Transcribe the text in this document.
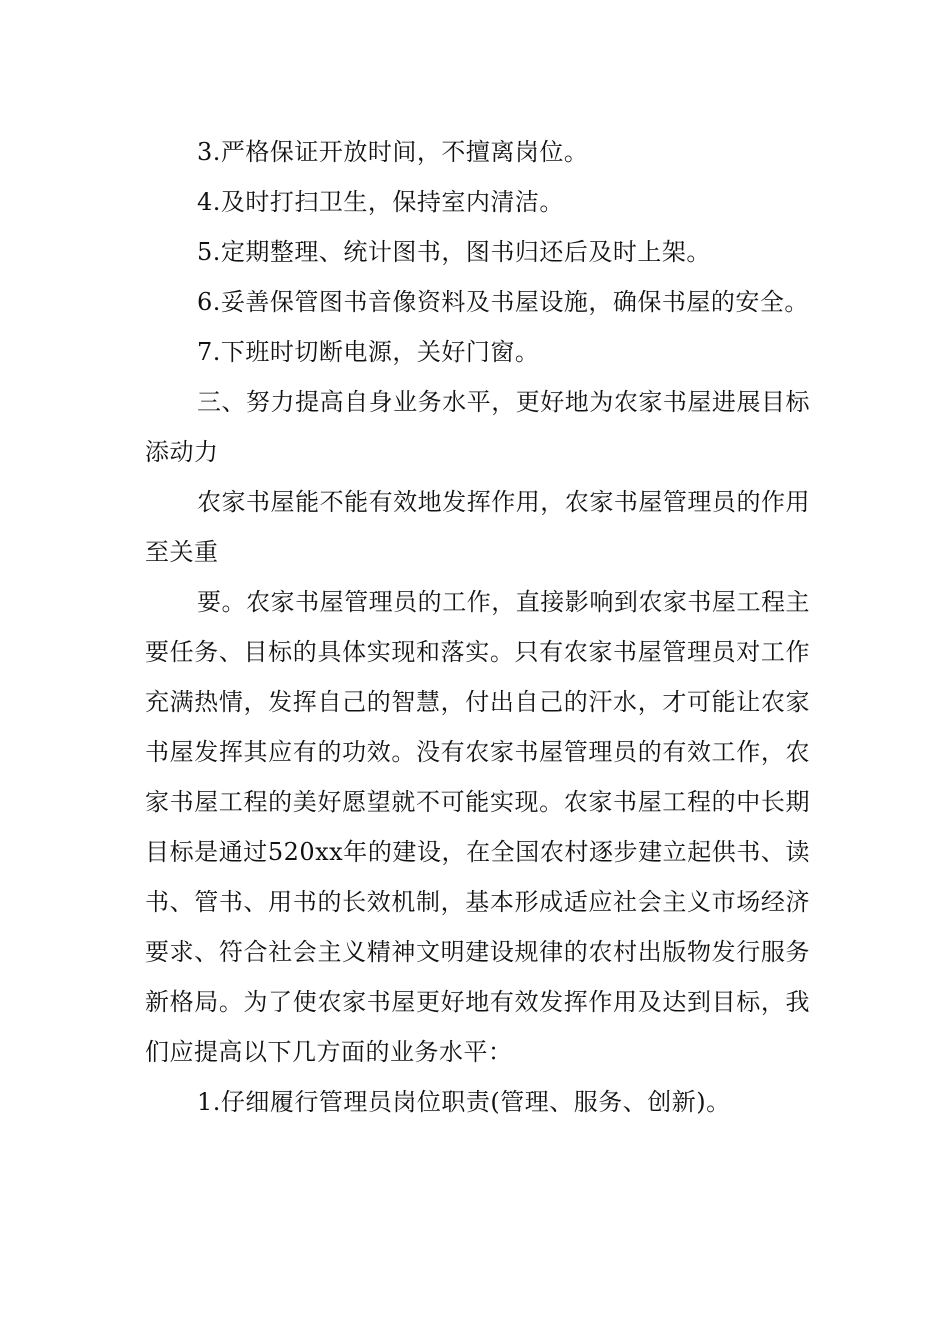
3.严格保证开放时间，不擅离岗位。

4.及时打扫卫生，保持室内清洁。

5.定期整理、统计图书，图书归还后及时上架。

6.妥善保管图书音像资料及书屋设施，确保书屋的安全。

7.下班时切断电源，关好门窗。

三、努力提高自身业务水平，更好地为农家书屋进展目标添动力

农家书屋能不能有效地发挥作用，农家书屋管理员的作用至关重

要。农家书屋管理员的工作，直接影响到农家书屋工程主要任务、目标的具体实现和落实。只有农家书屋管理员对工作充满热情，发挥自己的智慧，付出自己的汗水，才可能让农家书屋发挥其应有的功效。没有农家书屋管理员的有效工作，农家书屋工程的美好愿望就不可能实现。农家书屋工程的中长期目标是通过520xx年的建设，在全国农村逐步建立起供书、读书、管书、用书的长效机制，基本形成适应社会主义市场经济要求、符合社会主义精神文明建设规律的农村出版物发行服务新格局。为了使农家书屋更好地有效发挥作用及达到目标，我们应提高以下几方面的业务水平：

1.仔细履行管理员岗位职责(管理、服务、创新)。
